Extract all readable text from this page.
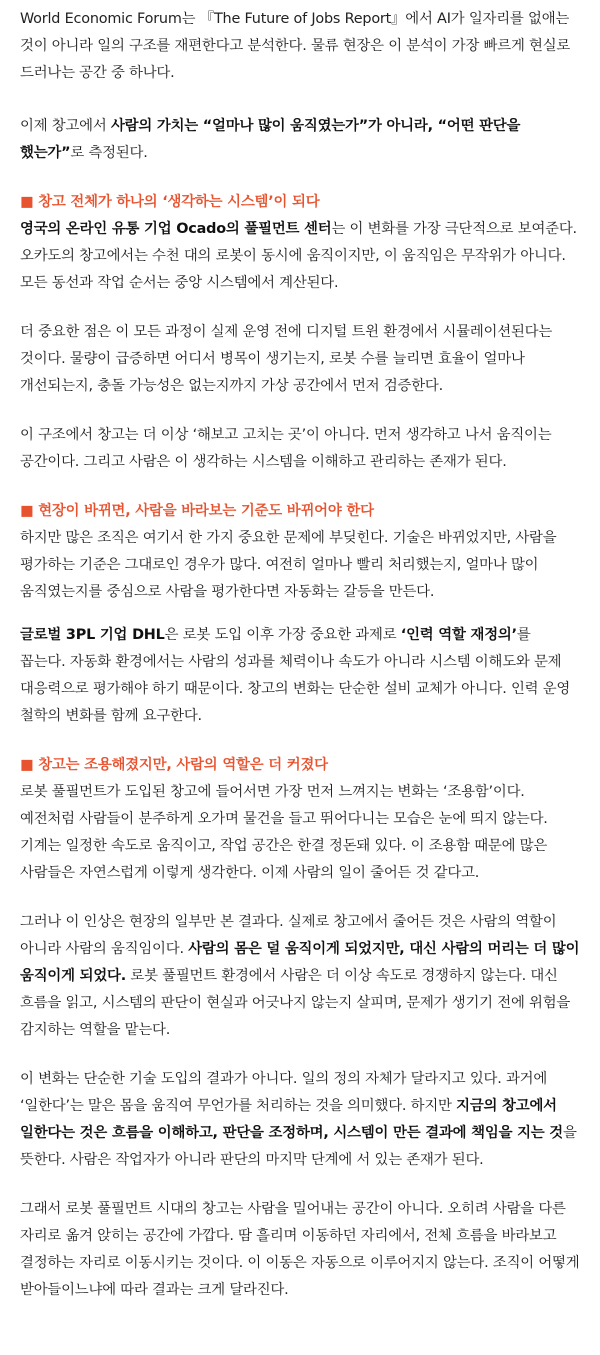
World Economic Forum는 『The Future of Jobs Report』에서 AI가 일자리를 없애는 것이 아니라 일의 구조를 재편한다고 분석한다. 물류 현장은 이 분석이 가장 빠르게 현실로 드러나는 공간 중 하나다.

이제 창고에서 사람의 가치는 “얼마나 많이 움직였는가”가 아니라, “어떤 판단을 했는가”로 측정된다.

■ 창고 전체가 하나의 ‘생각하는 시스템’이 되다

영국의 온라인 유통 기업 Ocado의 풀필먼트 센터는 이 변화를 가장 극단적으로 보여준다. 오카도의 창고에서는 수천 대의 로봇이 동시에 움직이지만, 이 움직임은 무작위가 아니다. 모든 동선과 작업 순서는 중앙 시스템에서 계산된다.

더 중요한 점은 이 모든 과정이 실제 운영 전에 디지털 트윈 환경에서 시뮬레이션된다는 것이다. 물량이 급증하면 어디서 병목이 생기는지, 로봇 수를 늘리면 효율이 얼마나 개선되는지, 충돌 가능성은 없는지까지 가상 공간에서 먼저 검증한다.

이 구조에서 창고는 더 이상 ‘해보고 고치는 곳’이 아니다. 먼저 생각하고 나서 움직이는 공간이다. 그리고 사람은 이 생각하는 시스템을 이해하고 관리하는 존재가 된다.

■ 현장이 바뀌면, 사람을 바라보는 기준도 바뀌어야 한다

하지만 많은 조직은 여기서 한 가지 중요한 문제에 부딪힌다. 기술은 바뀌었지만, 사람을 평가하는 기준은 그대로인 경우가 많다. 여전히 얼마나 빨리 처리했는지, 얼마나 많이 움직였는지를 중심으로 사람을 평가한다면 자동화는 갈등을 만든다.

글로벌 3PL 기업 DHL은 로봇 도입 이후 가장 중요한 과제로 ‘인력 역할 재정의’를 꼽는다. 자동화 환경에서는 사람의 성과를 체력이나 속도가 아니라 시스템 이해도와 문제 대응력으로 평가해야 하기 때문이다. 창고의 변화는 단순한 설비 교체가 아니다. 인력 운영 철학의 변화를 함께 요구한다.

■ 창고는 조용해졌지만, 사람의 역할은 더 커졌다

로봇 풀필먼트가 도입된 창고에 들어서면 가장 먼저 느껴지는 변화는 ‘조용함’이다. 예전처럼 사람들이 분주하게 오가며 물건을 들고 뛰어다니는 모습은 눈에 띄지 않는다. 기계는 일정한 속도로 움직이고, 작업 공간은 한결 정돈돼 있다. 이 조용함 때문에 많은 사람들은 자연스럽게 이렇게 생각한다. 이제 사람의 일이 줄어든 것 같다고.

그러나 이 인상은 현장의 일부만 본 결과다. 실제로 창고에서 줄어든 것은 사람의 역할이 아니라 사람의 움직임이다. 사람의 몸은 덜 움직이게 되었지만, 대신 사람의 머리는 더 많이 움직이게 되었다. 로봇 풀필먼트 환경에서 사람은 더 이상 속도로 경쟁하지 않는다. 대신 흐름을 읽고, 시스템의 판단이 현실과 어긋나지 않는지 살피며, 문제가 생기기 전에 위험을 감지하는 역할을 맡는다.

이 변화는 단순한 기술 도입의 결과가 아니다. 일의 정의 자체가 달라지고 있다. 과거에 ‘일한다’는 말은 몸을 움직여 무언가를 처리하는 것을 의미했다. 하지만 지금의 창고에서 일한다는 것은 흐름을 이해하고, 판단을 조정하며, 시스템이 만든 결과에 책임을 지는 것을 뜻한다. 사람은 작업자가 아니라 판단의 마지막 단계에 서 있는 존재가 된다.

그래서 로봇 풀필먼트 시대의 창고는 사람을 밀어내는 공간이 아니다. 오히려 사람을 다른 자리로 옮겨 앉히는 공간에 가깝다. 땀 흘리며 이동하던 자리에서, 전체 흐름을 바라보고 결정하는 자리로 이동시키는 것이다. 이 이동은 자동으로 이루어지지 않는다. 조직이 어떻게 받아들이느냐에 따라 결과는 크게 달라진다.
